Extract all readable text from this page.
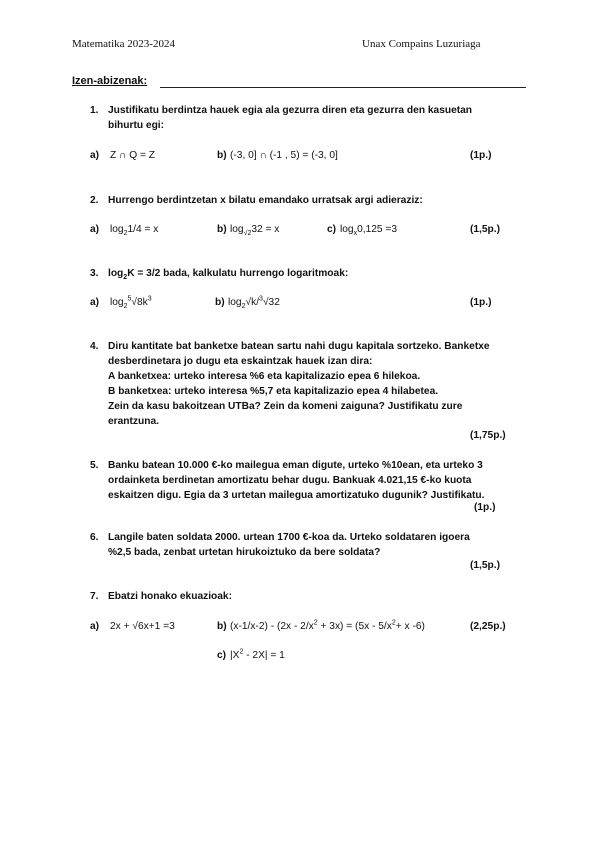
Matematika 2023-2024	Unax Compains Luzuriaga
Izen-abizenak:
1. Justifikatu berdintza hauek egia ala gezurra diren eta gezurra den kasuetan
bihurtu egi:
a) Z ∩ Q = Z	b) (-3, 0] ∩ (-1 , 5) = (-3, 0]	(1p.)
2. Hurrengo berdintzetan x bilatu emandako urratsak argi adieraziz:
a) $\log_21/4 = x$	b) $\log_{√2}32 = x$	c) $\log_x0,125 =3$	(1,5p.)
3. $\log_2K = 3/2$ bada, kalkulatu hurrengo logaritmoak:
a) $\log_2^5√8k^3$	b) $\log_2√k/^3√32$	(1p.)
4. Diru kantitate bat banketxe batean sartu nahi dugu kapitala sortzeko. Banketxe
desberdinetara jo dugu eta eskaintzak hauek izan dira:
A banketxea: urteko interesa %6 eta kapitalizazio epea 6 hilekoa.
B banketxea: urteko interesa %5,7 eta kapitalizazio epea 4 hilabetea.
Zein da kasu bakoitzean UTBa? Zein da komeni zaiguna? Justifikatu zure
erantzuna.
(1,75p.)
5. Banku batean 10.000 €-ko mailegua eman digute, urteko %10ean, eta urteko 3
ordainketa berdinetan amortizatu behar dugu. Bankuak 4.021,15 €-ko kuota
eskaitzen digu. Egia da 3 urtetan mailegua amortizatuko dugunik? Justifikatu.
(1p.)
6. Langile baten soldata 2000. urtean 1700 €-koa da. Urteko soldataren igoera
%2,5 bada, zenbat urtetan hirukoiztuko da bere soldata?
(1,5p.)
7. Ebatzi honako ekuazioak:
a) 2x + √6x+1 =3	b) $(x-1/x-2) - (2x - 2/x^2 + 3x) = (5x - 5/x^2+ x$ -6)	(2,25p.)
c) $|X^2 - 2X| = 1$
